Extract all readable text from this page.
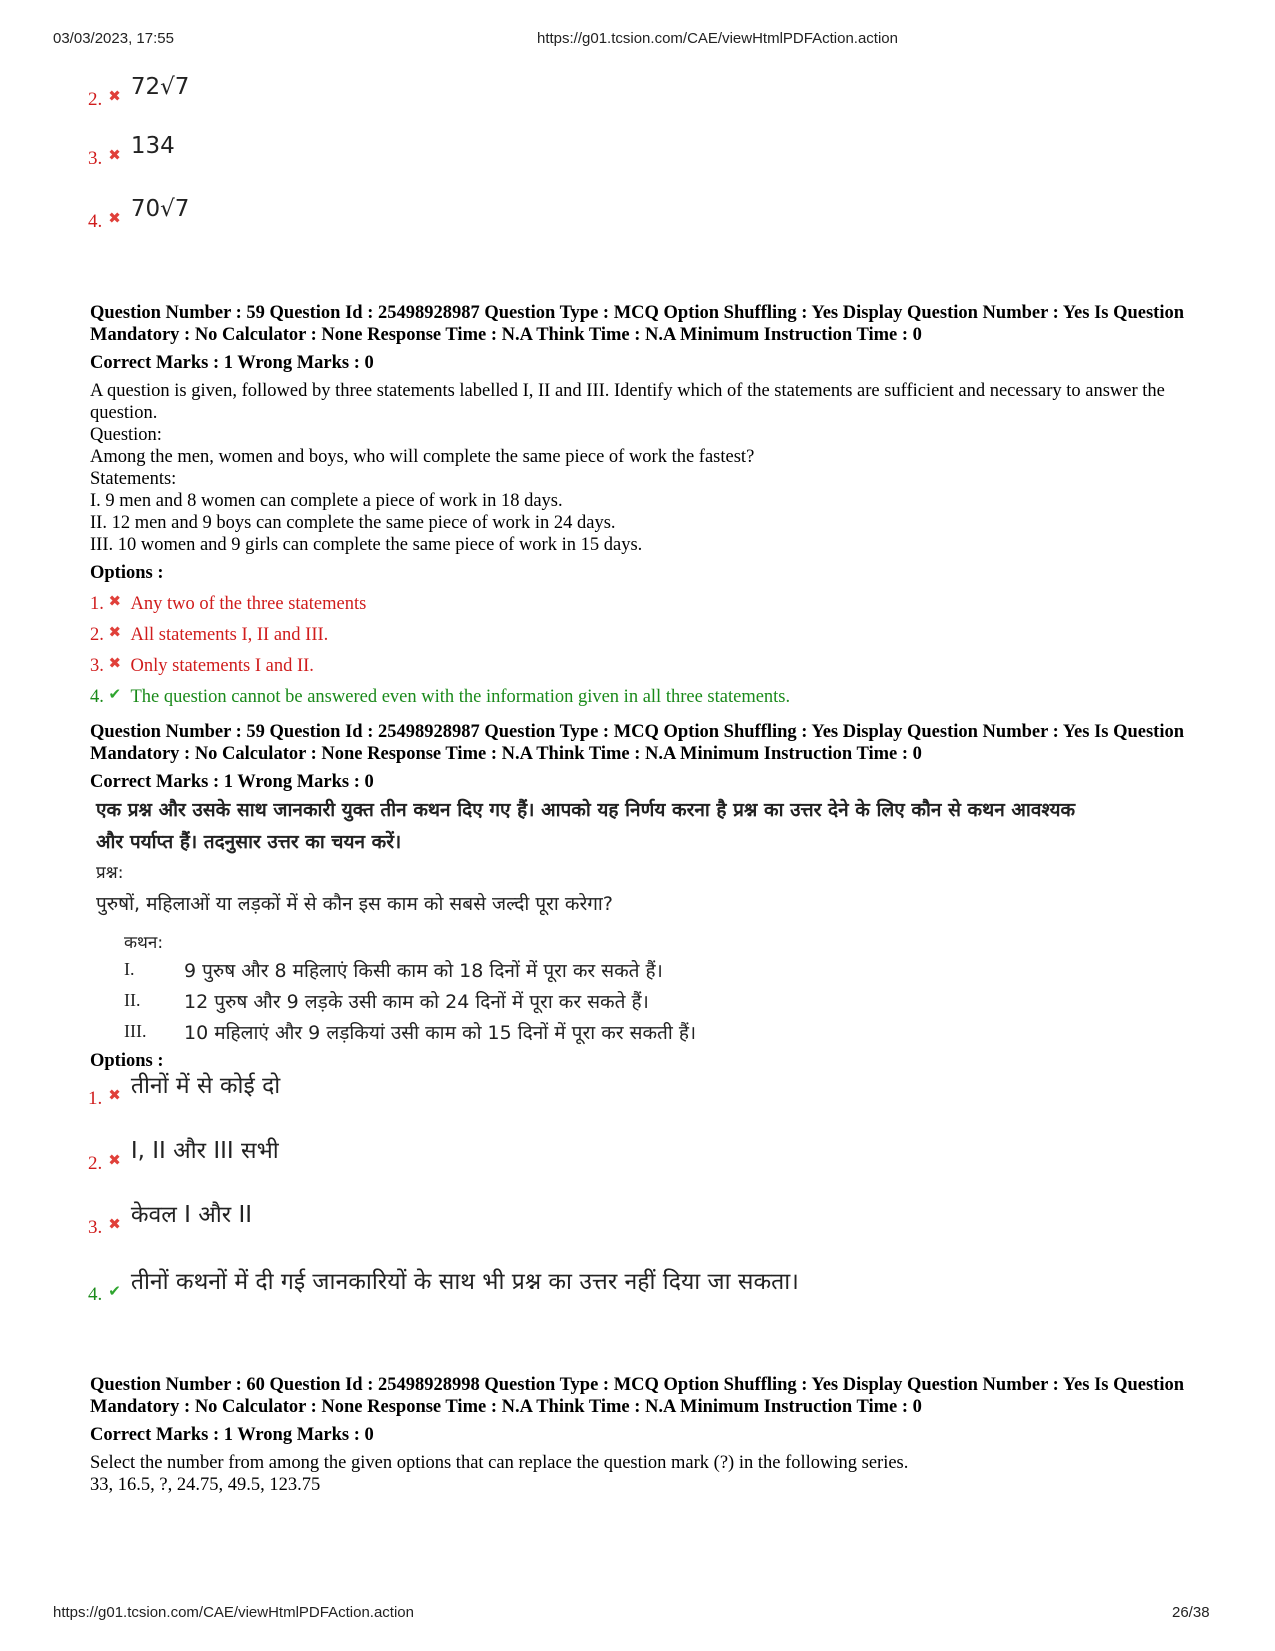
03/03/2023, 17:55	https://g01.tcsion.com/CAE/viewHtmlPDFAction.action
2. ✖ 72√7
3. ✖ 134
4. ✖ 70√7
Question Number : 59 Question Id : 25498928987 Question Type : MCQ Option Shuffling : Yes Display Question Number : Yes Is Question Mandatory : No Calculator : None Response Time : N.A Think Time : N.A Minimum Instruction Time : 0
Correct Marks : 1 Wrong Marks : 0
A question is given, followed by three statements labelled I, II and III. Identify which of the statements are sufficient and necessary to answer the question.
Question:
Among the men, women and boys, who will complete the same piece of work the fastest?
Statements:
I. 9 men and 8 women can complete a piece of work in 18 days.
II. 12 men and 9 boys can complete the same piece of work in 24 days.
III. 10 women and 9 girls can complete the same piece of work in 15 days.
Options :
1. ✖ Any two of the three statements
2. ✖ All statements I, II and III.
3. ✖ Only statements I and II.
4. ✔ The question cannot be answered even with the information given in all three statements.
Question Number : 59 Question Id : 25498928987 Question Type : MCQ Option Shuffling : Yes Display Question Number : Yes Is Question Mandatory : No Calculator : None Response Time : N.A Think Time : N.A Minimum Instruction Time : 0
Correct Marks : 1 Wrong Marks : 0
एक प्रश्न और उसके साथ जानकारी युक्त तीन कथन दिए गए हैं। आपको यह निर्णय करना है प्रश्न का उत्तर देने के लिए कौन से कथन आवश्यक और पर्याप्त हैं। तदनुसार उत्तर का चयन करें।
प्रश्न:
पुरुषों, महिलाओं या लड़कों में से कौन इस काम को सबसे जल्दी पूरा करेगा?
कथन:
I.	9 पुरुष और 8 महिलाएं किसी काम को 18 दिनों में पूरा कर सकते हैं।
II.	12 पुरुष और 9 लड़के उसी काम को 24 दिनों में पूरा कर सकते हैं।
III.	10 महिलाएं और 9 लड़कियां उसी काम को 15 दिनों में पूरा कर सकती हैं।
Options :
1. ✖ तीनों में से कोई दो
2. ✖ I, II और III सभी
3. ✖ केवल I और II
4. ✔ तीनों कथनों में दी गई जानकारियों के साथ भी प्रश्न का उत्तर नहीं दिया जा सकता।
Question Number : 60 Question Id : 25498928998 Question Type : MCQ Option Shuffling : Yes Display Question Number : Yes Is Question Mandatory : No Calculator : None Response Time : N.A Think Time : N.A Minimum Instruction Time : 0
Correct Marks : 1 Wrong Marks : 0
Select the number from among the given options that can replace the question mark (?) in the following series.
33, 16.5, ?, 24.75, 49.5, 123.75
https://g01.tcsion.com/CAE/viewHtmlPDFAction.action	26/38
